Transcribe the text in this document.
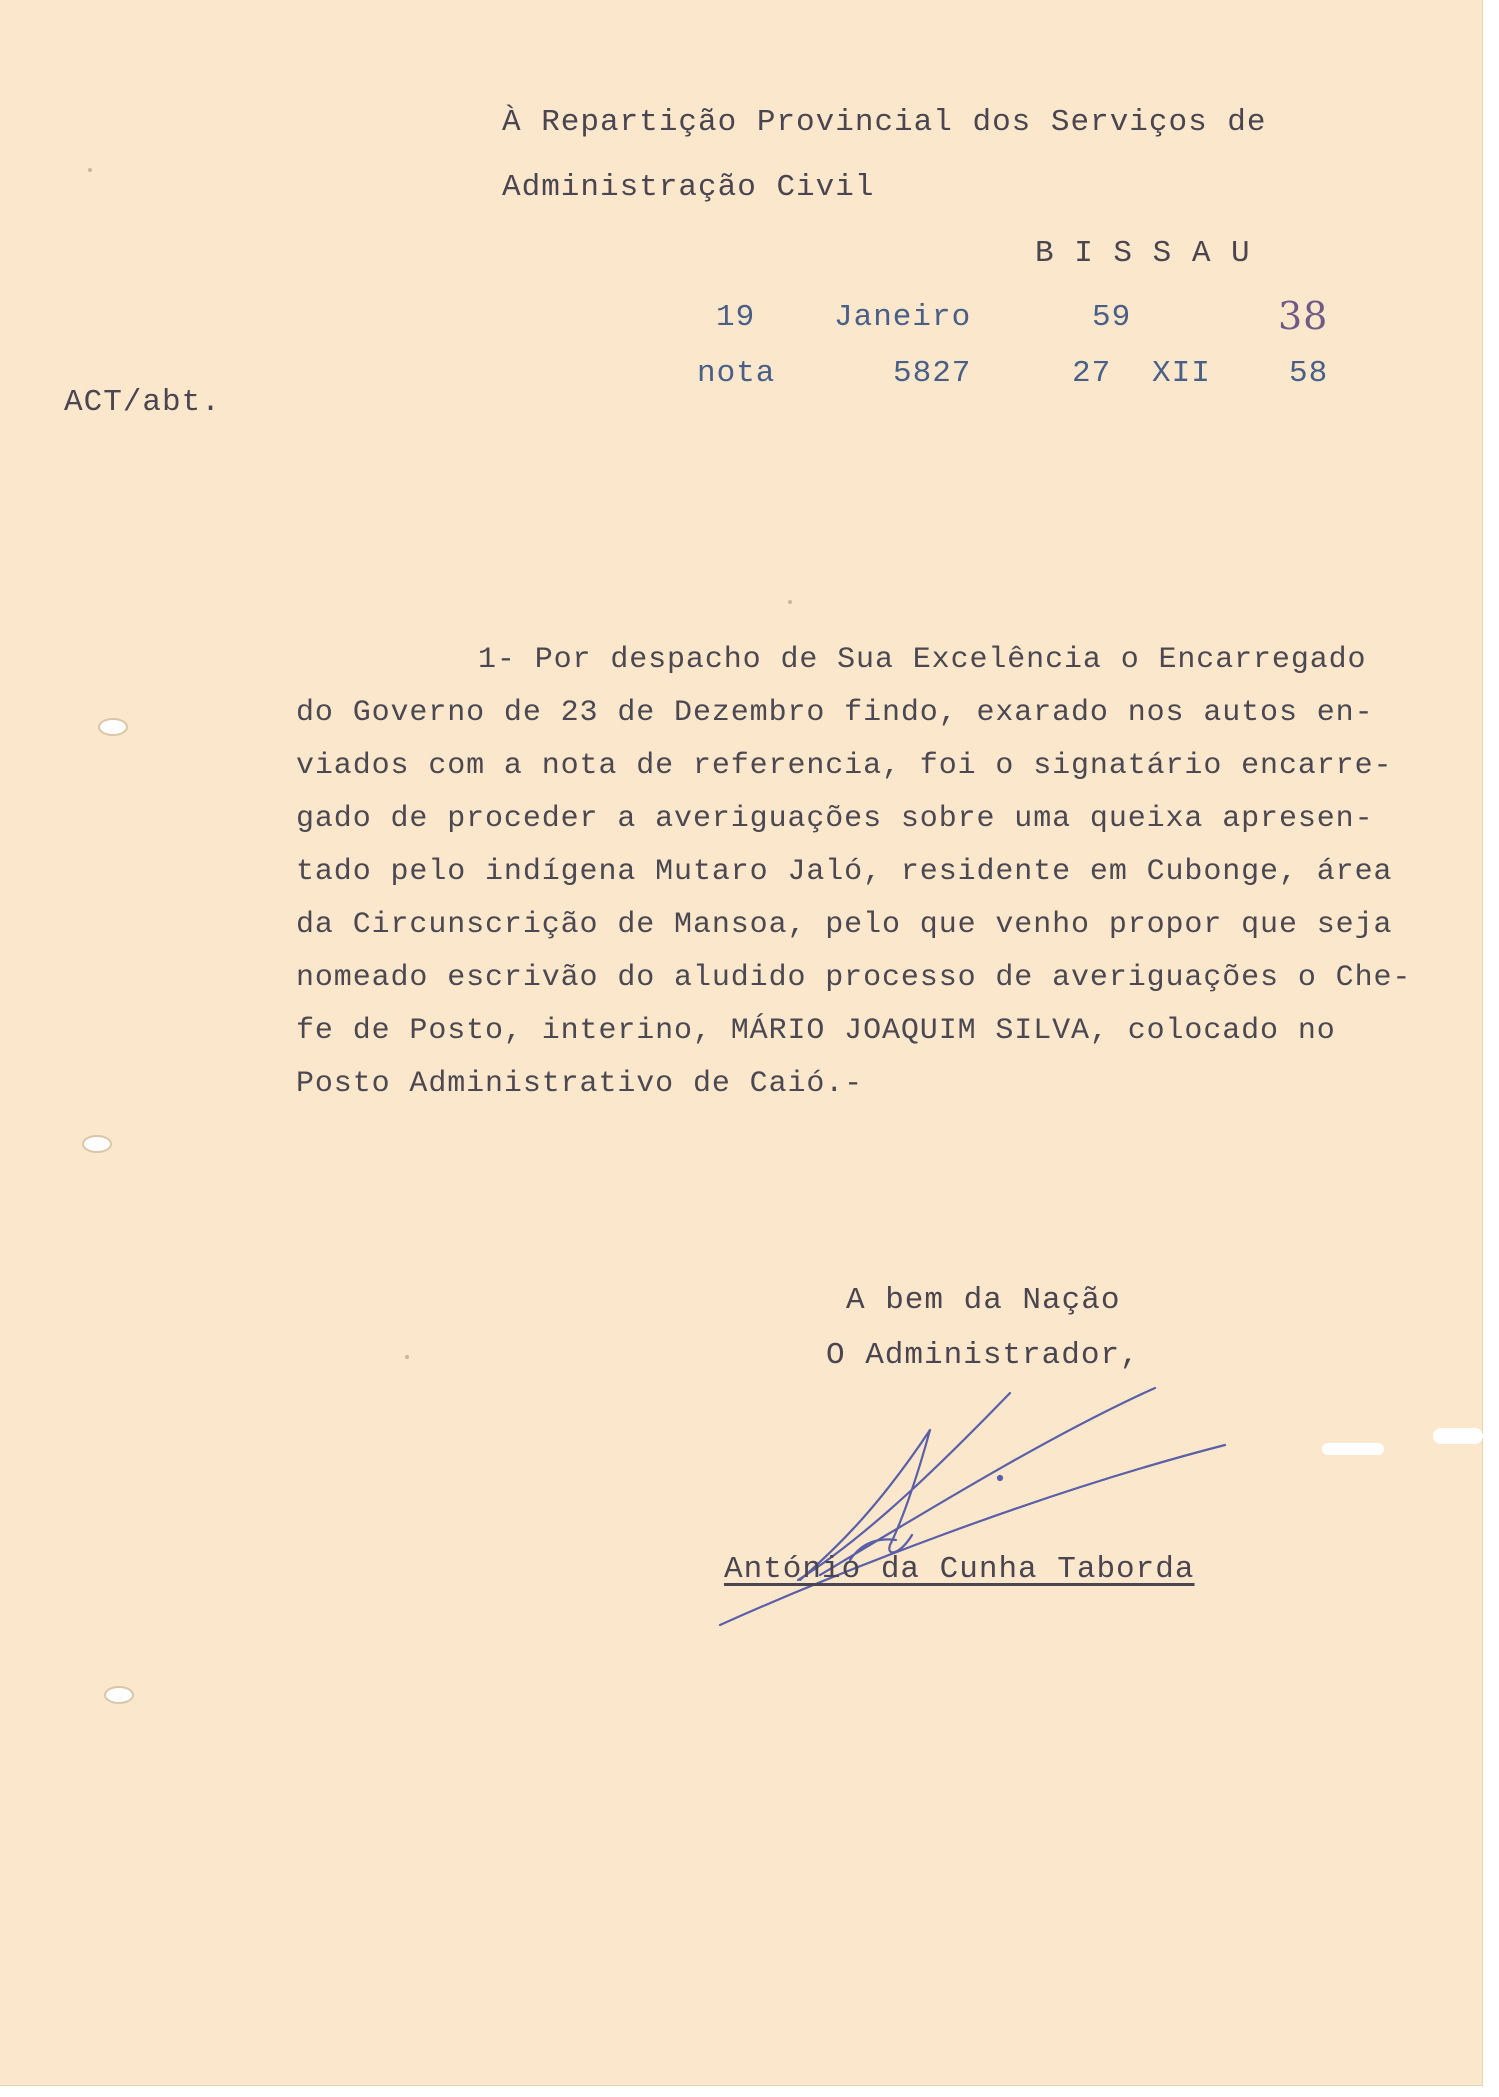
À Repartição Provincial dos Serviços de
Administração Civil
B I S S A U
19	Janeiro	59	38
nota	5827	27 XII	58
ACT/abt.
1- Por despacho de Sua Excelência o Encarregado
do Governo de 23 de Dezembro findo, exarado nos autos en-
viados com a nota de referencia, foi o signatário encarre-
gado de proceder a averiguações sobre uma queixa apresen-
tado pelo indígena Mutaro Jaló, residente em Cubonge, área
da Circunscrição de Mansoa, pelo que venho propor que seja
nomeado escrivão do aludido processo de averiguações o Che-
fe de Posto, interino, MÁRIO JOAQUIM SILVA, colocado no
Posto Administrativo de Caió.-
A bem da Nação
O Administrador,
António da Cunha Taborda
